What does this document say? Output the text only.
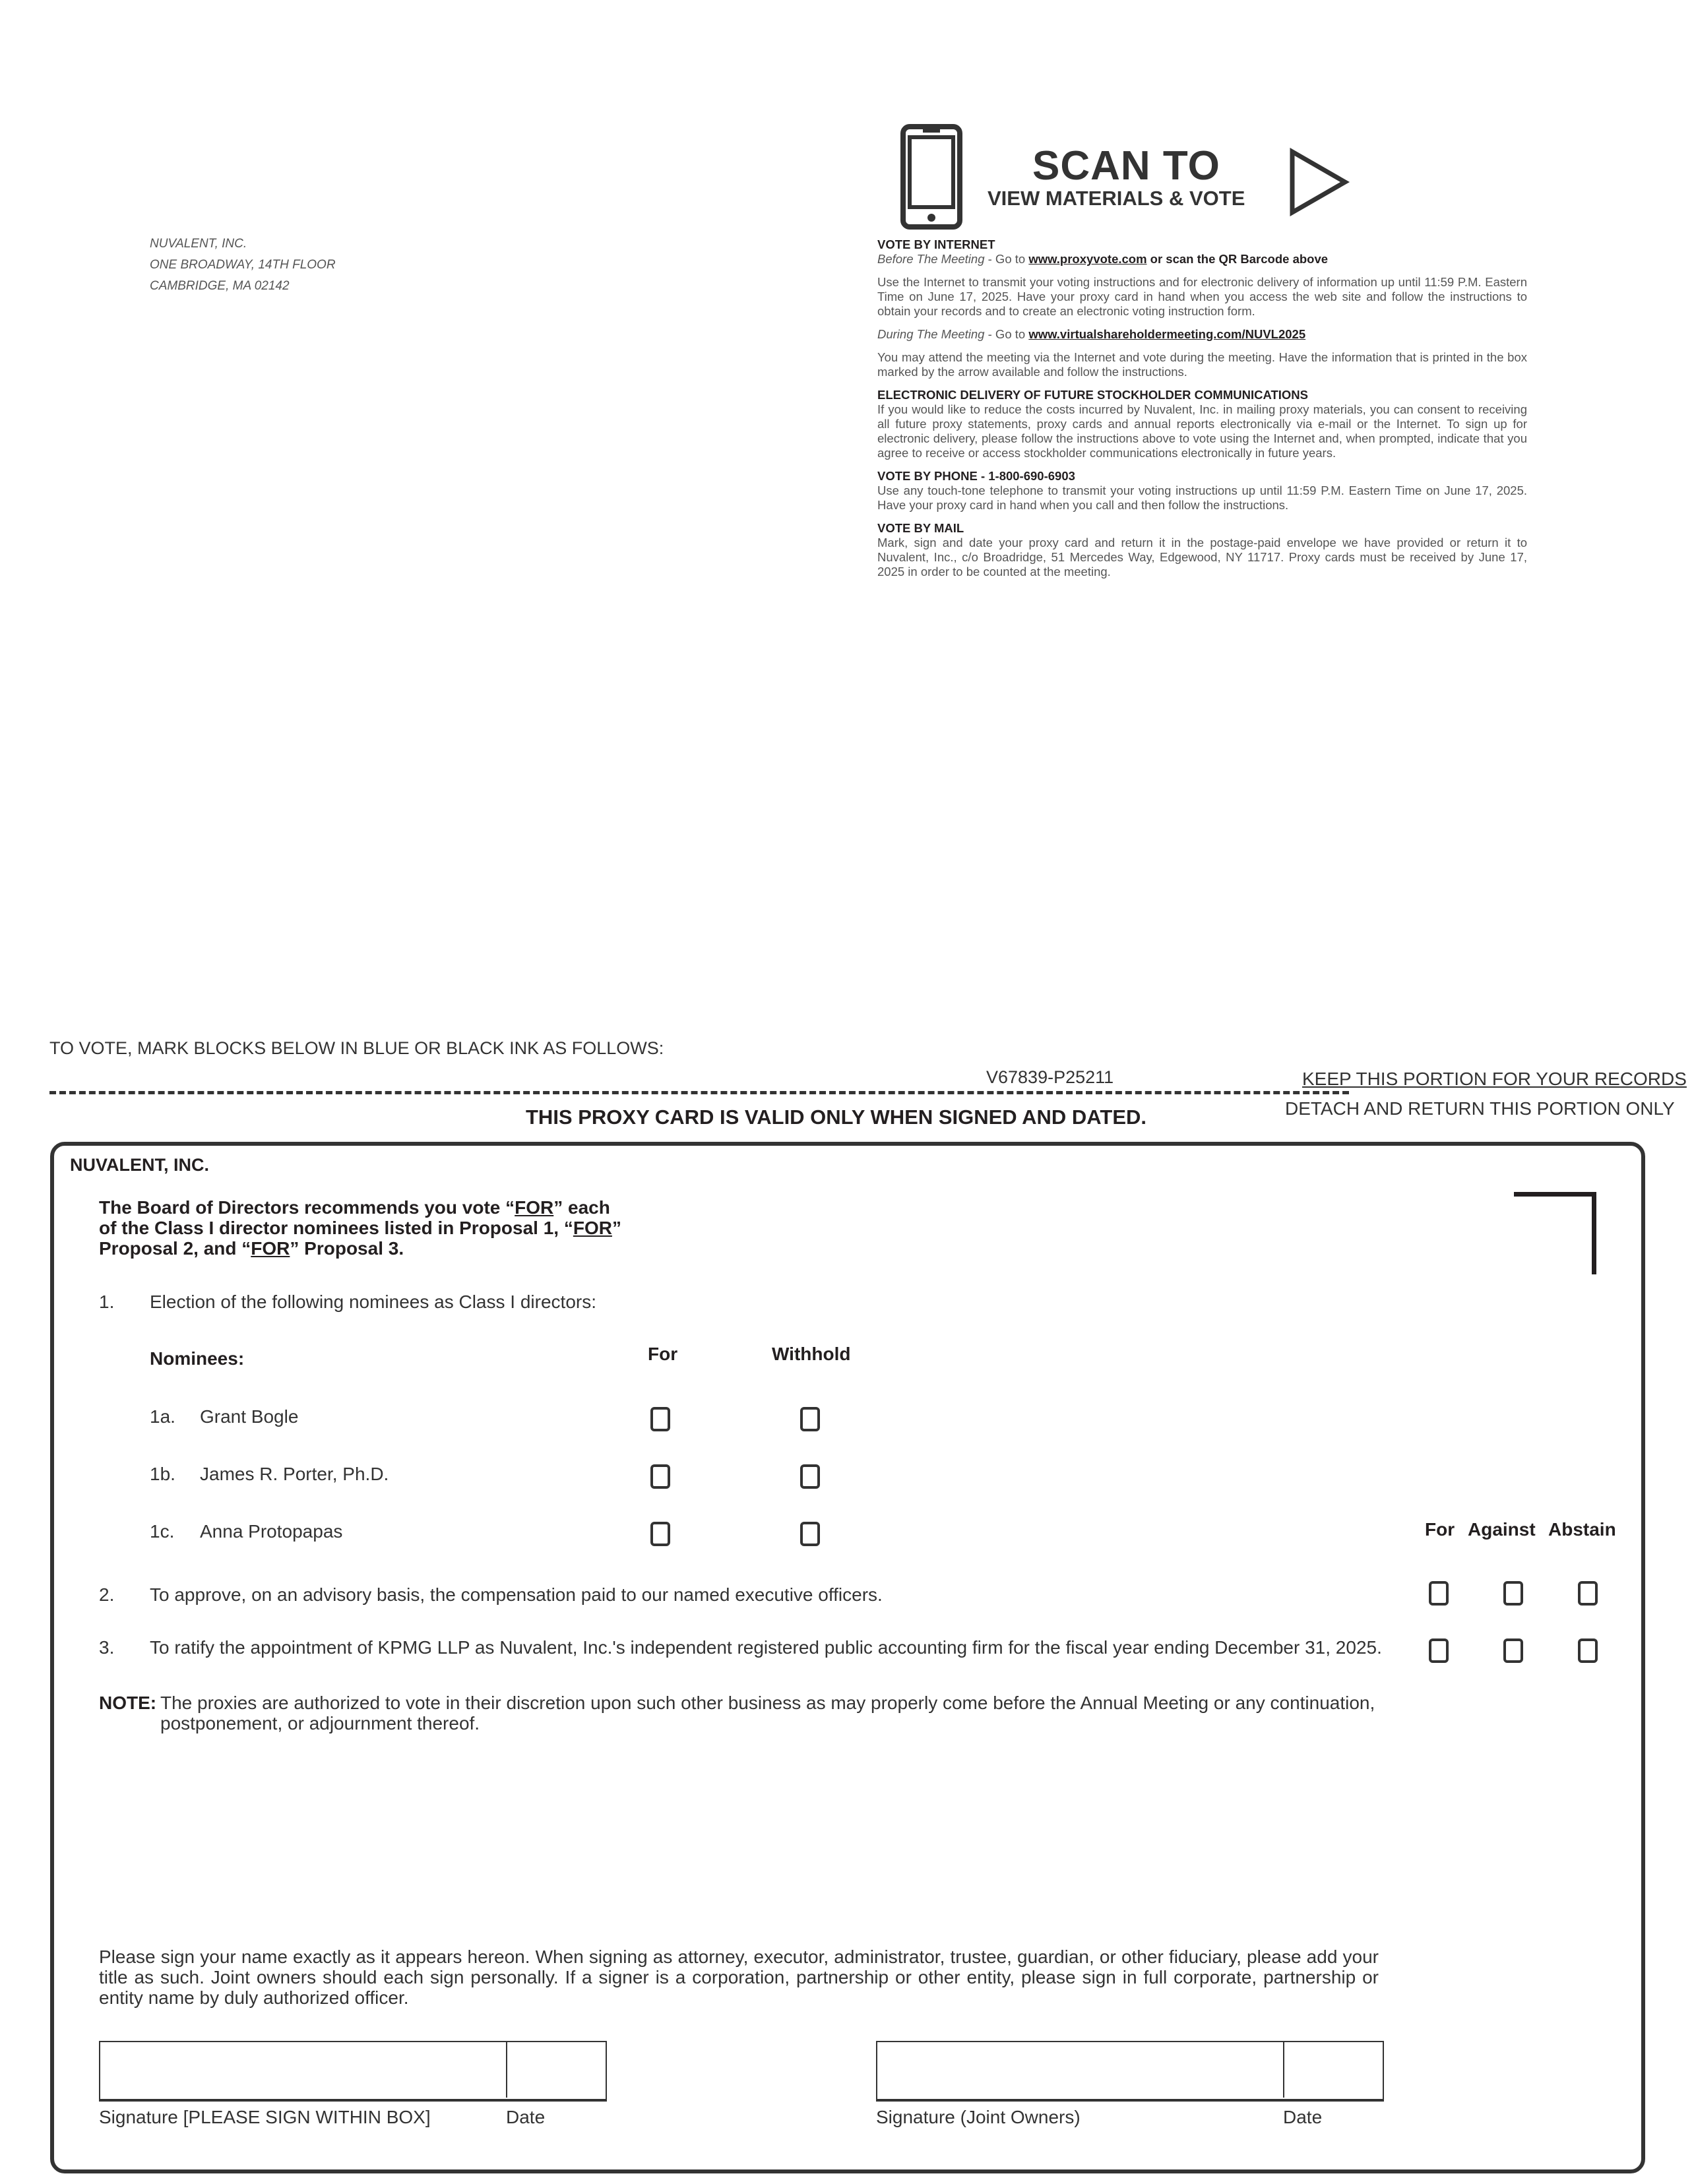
NUVALENT, INC.
ONE BROADWAY, 14TH FLOOR
CAMBRIDGE, MA 02142
SCAN TO
VIEW MATERIALS & VOTE
VOTE BY INTERNET
Before The Meeting - Go to www.proxyvote.com or scan the QR Barcode above
Use the Internet to transmit your voting instructions and for electronic delivery of information up until 11:59 P.M. Eastern Time on June 17, 2025. Have your proxy card in hand when you access the web site and follow the instructions to obtain your records and to create an electronic voting instruction form.
During The Meeting - Go to www.virtualshareholdermeeting.com/NUVL2025
You may attend the meeting via the Internet and vote during the meeting. Have the information that is printed in the box marked by the arrow available and follow the instructions.
ELECTRONIC DELIVERY OF FUTURE STOCKHOLDER COMMUNICATIONS
If you would like to reduce the costs incurred by Nuvalent, Inc. in mailing proxy materials, you can consent to receiving all future proxy statements, proxy cards and annual reports electronically via e-mail or the Internet. To sign up for electronic delivery, please follow the instructions above to vote using the Internet and, when prompted, indicate that you agree to receive or access stockholder communications electronically in future years.
VOTE BY PHONE - 1-800-690-6903
Use any touch-tone telephone to transmit your voting instructions up until 11:59 P.M. Eastern Time on June 17, 2025. Have your proxy card in hand when you call and then follow the instructions.
VOTE BY MAIL
Mark, sign and date your proxy card and return it in the postage-paid envelope we have provided or return it to Nuvalent, Inc., c/o Broadridge, 51 Mercedes Way, Edgewood, NY 11717. Proxy cards must be received by June 17, 2025 in order to be counted at the meeting.
TO VOTE, MARK BLOCKS BELOW IN BLUE OR BLACK INK AS FOLLOWS:
V67839-P25211	KEEP THIS PORTION FOR YOUR RECORDS
DETACH AND RETURN THIS PORTION ONLY
THIS PROXY CARD IS VALID ONLY WHEN SIGNED AND DATED.
NUVALENT, INC.
The Board of Directors recommends you vote “FOR” each
of the Class I director nominees listed in Proposal 1, “FOR”
Proposal 2, and “FOR” Proposal 3.
1. Election of the following nominees as Class I directors:
Nominees:	For	Withhold
1a. Grant Bogle
1b. James R. Porter, Ph.D.
1c. Anna Protopapas	For Against Abstain
2. To approve, on an advisory basis, the compensation paid to our named executive officers.
3. To ratify the appointment of KPMG LLP as Nuvalent, Inc.'s independent registered public accounting firm for the fiscal year ending December 31, 2025.
NOTE: The proxies are authorized to vote in their discretion upon such other business as may properly come before the Annual Meeting or any continuation,
postponement, or adjournment thereof.
Please sign your name exactly as it appears hereon. When signing as attorney, executor, administrator, trustee, guardian, or other fiduciary, please add your title as such. Joint owners should each sign personally. If a signer is a corporation, partnership or other entity, please sign in full corporate, partnership or entity name by duly authorized officer.
Signature [PLEASE SIGN WITHIN BOX]	Date	Signature (Joint Owners)	Date
